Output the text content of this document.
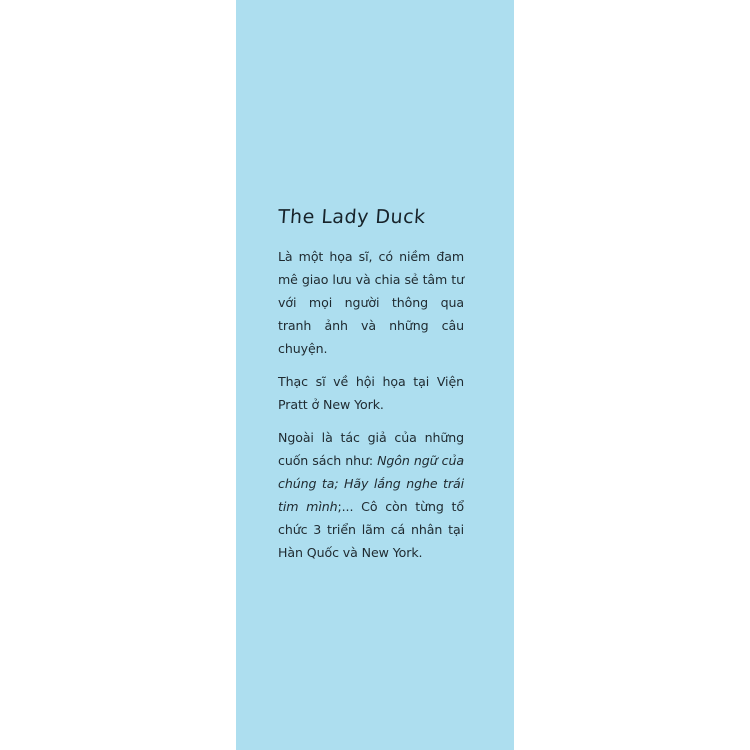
The Lady Duck

Là một họa sĩ, có niềm đam mê giao lưu và chia sẻ tâm tư với mọi người thông qua tranh ảnh và những câu chuyện.

Thạc sĩ về hội họa tại Viện Pratt ở New York.

Ngoài là tác giả của những cuốn sách như: Ngôn ngữ của chúng ta; Hãy lắng nghe trái tim mình;... Cô còn từng tổ chức 3 triển lãm cá nhân tại Hàn Quốc và New York.
